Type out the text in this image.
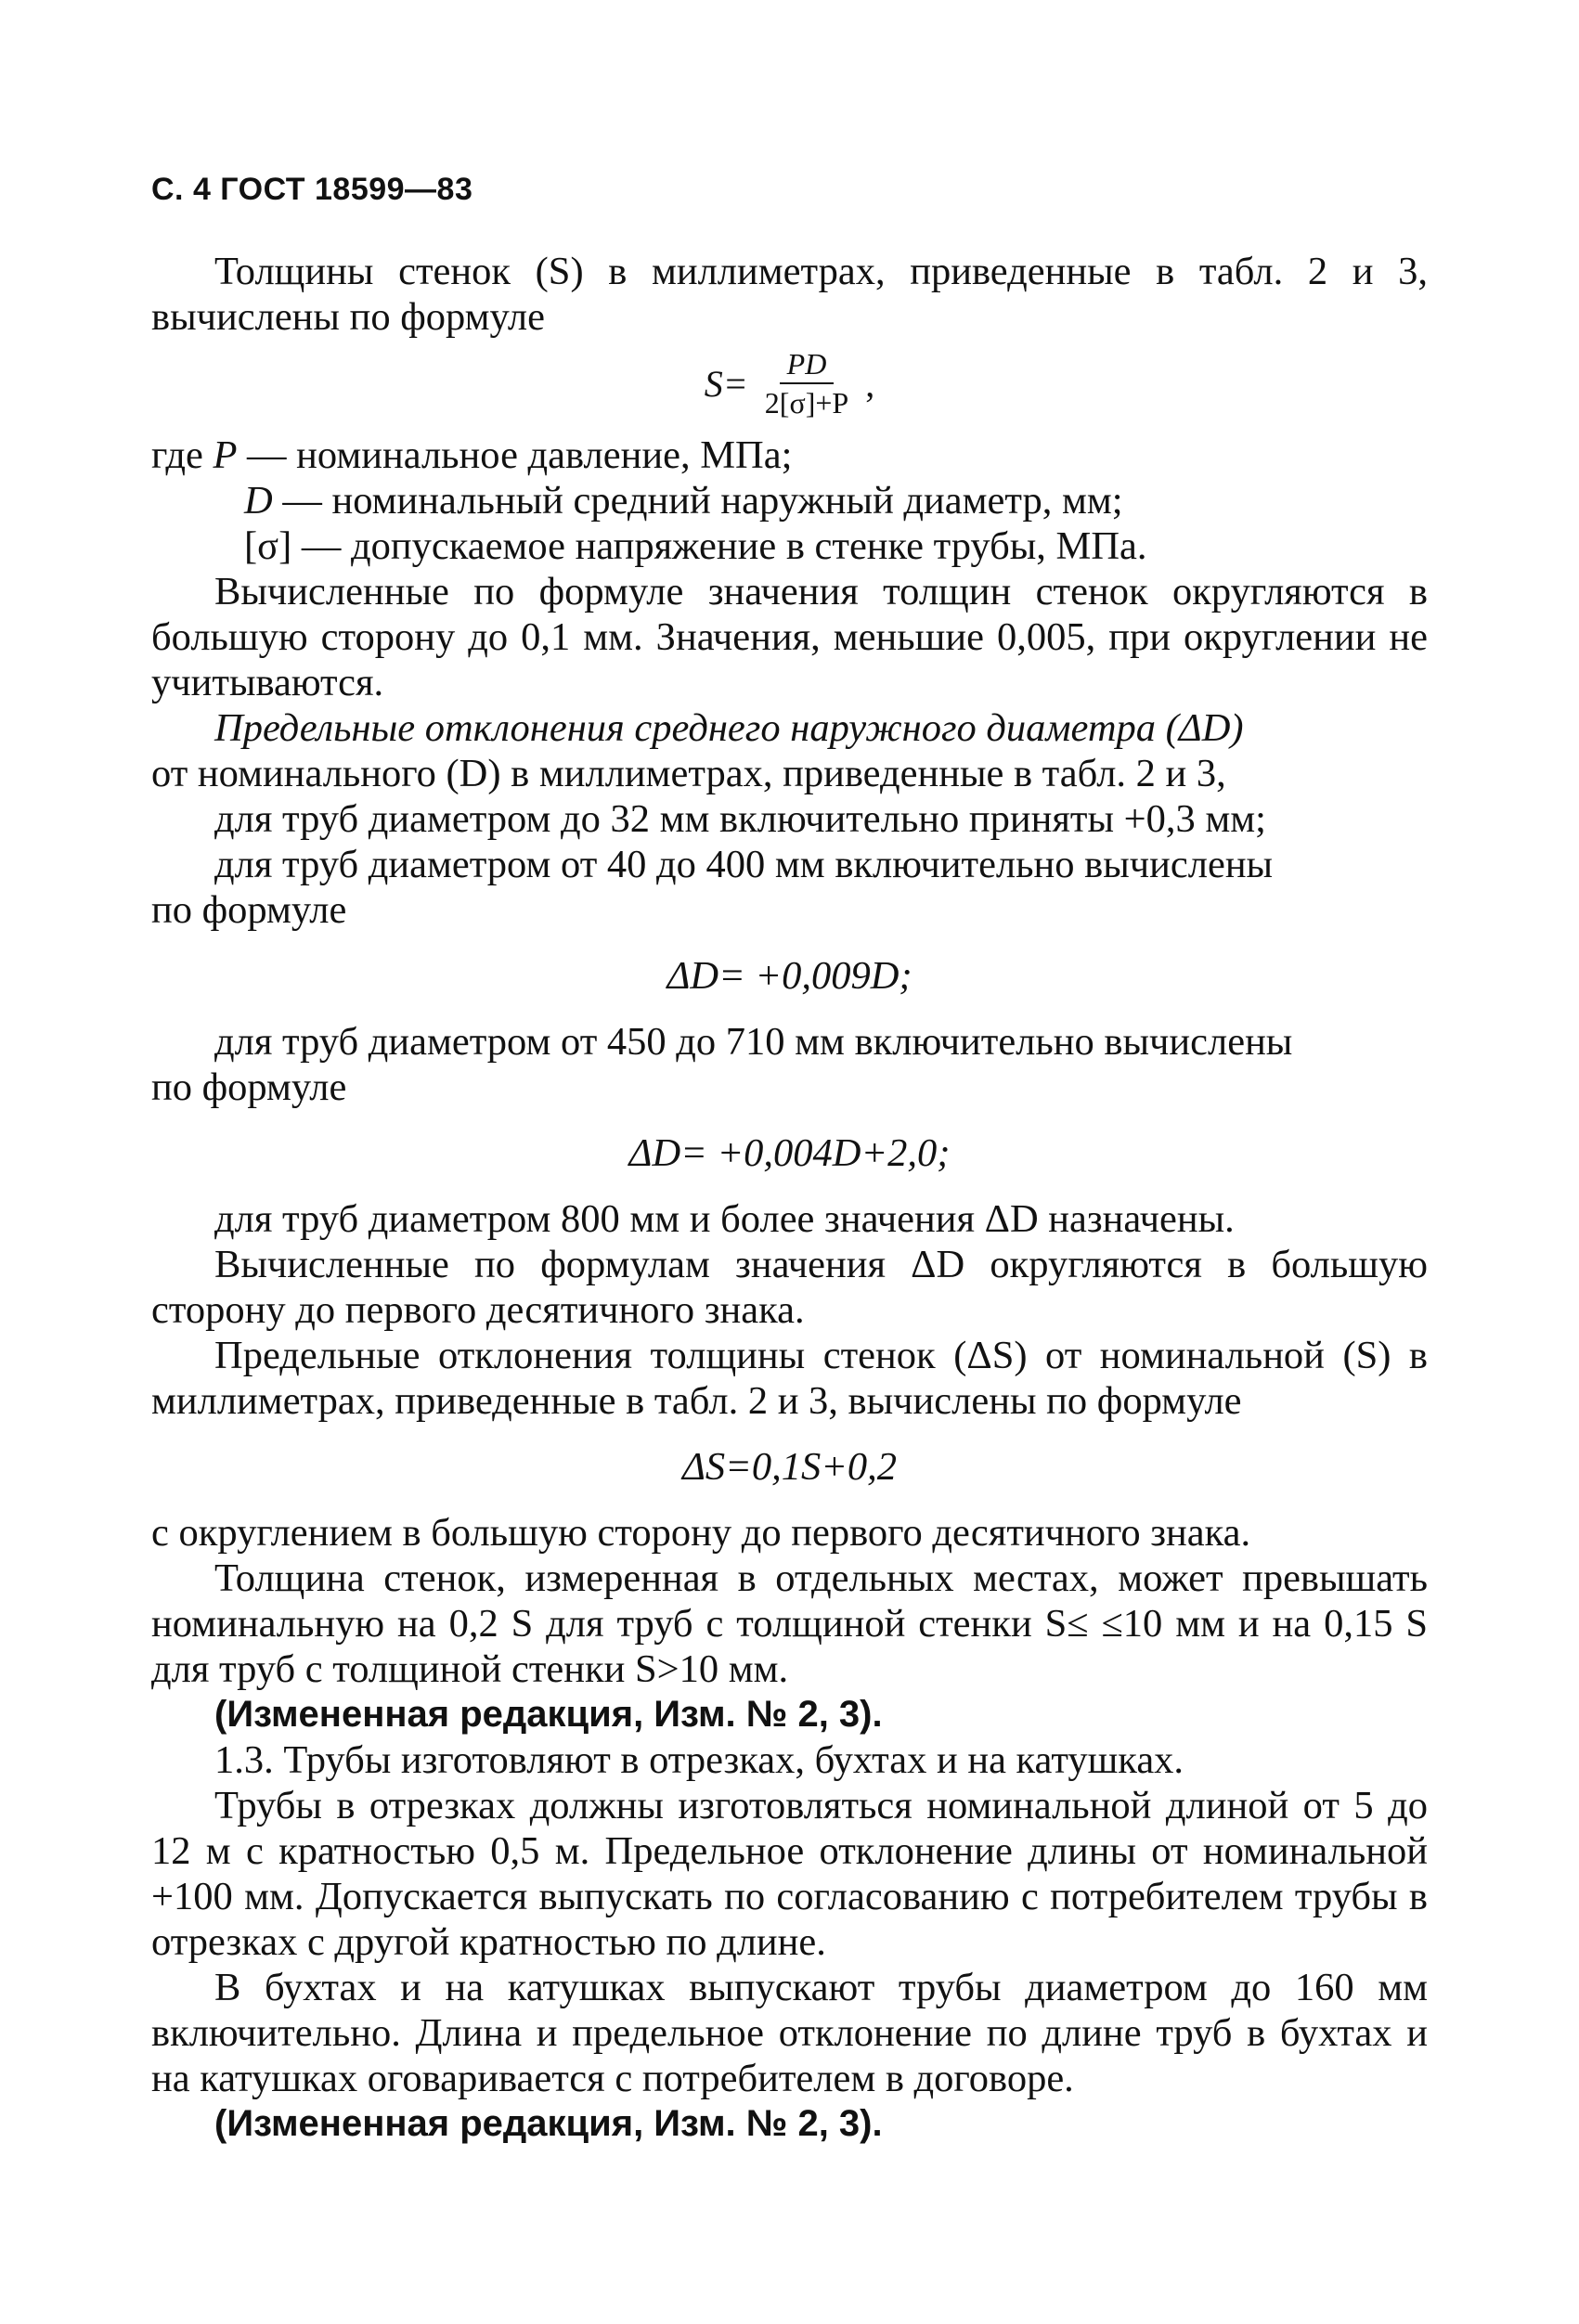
С. 4 ГОСТ 18599—83

Толщины стенок (S) в миллиметрах, приведенные в табл. 2 и 3, вычислены по формуле

$S= \frac{PD}{2[\sigma]+P}$ ,

где P — номинальное давление, МПа;

D — номинальный средний наружный диаметр, мм;

[σ] — допускаемое напряжение в стенке трубы, МПа.

Вычисленные по формуле значения толщин стенок округляются в большую сторону до 0,1 мм. Значения, меньшие 0,005, при округлении не учитываются.

Предельные отклонения среднего наружного диаметра (ΔD)

от номинального (D) в миллиметрах, приведенные в табл. 2 и 3,

для труб диаметром до 32 мм включительно приняты +0,3 мм;

для труб диаметром от 40 до 400 мм включительно вычислены

по формуле

ΔD= +0,009D;

для труб диаметром от 450 до 710 мм включительно вычислены

по формуле

ΔD= +0,004D+2,0;

для труб диаметром 800 мм и более значения ΔD назначены.

Вычисленные по формулам значения ΔD округляются в большую сторону до первого десятичного знака.

Предельные отклонения толщины стенок (ΔS) от номинальной (S) в миллиметрах, приведенные в табл. 2 и 3, вычислены по формуле

ΔS=0,1S+0,2

с округлением в большую сторону до первого десятичного знака.

Толщина стенок, измеренная в отдельных местах, может превышать номинальную на 0,2 S для труб с толщиной стенки S≤ ≤10 мм и на 0,15 S для труб с толщиной стенки S>10 мм.

(Измененная редакция, Изм. № 2, 3).

1.3. Трубы изготовляют в отрезках, бухтах и на катушках.

Трубы в отрезках должны изготовляться номинальной длиной от 5 до 12 м с кратностью 0,5 м. Предельное отклонение длины от номинальной +100 мм. Допускается выпускать по согласованию с потребителем трубы в отрезках с другой кратностью по длине.

В бухтах и на катушках выпускают трубы диаметром до 160 мм включительно. Длина и предельное отклонение по длине труб в бухтах и на катушках оговаривается с потребителем в договоре.

(Измененная редакция, Изм. № 2, 3).
